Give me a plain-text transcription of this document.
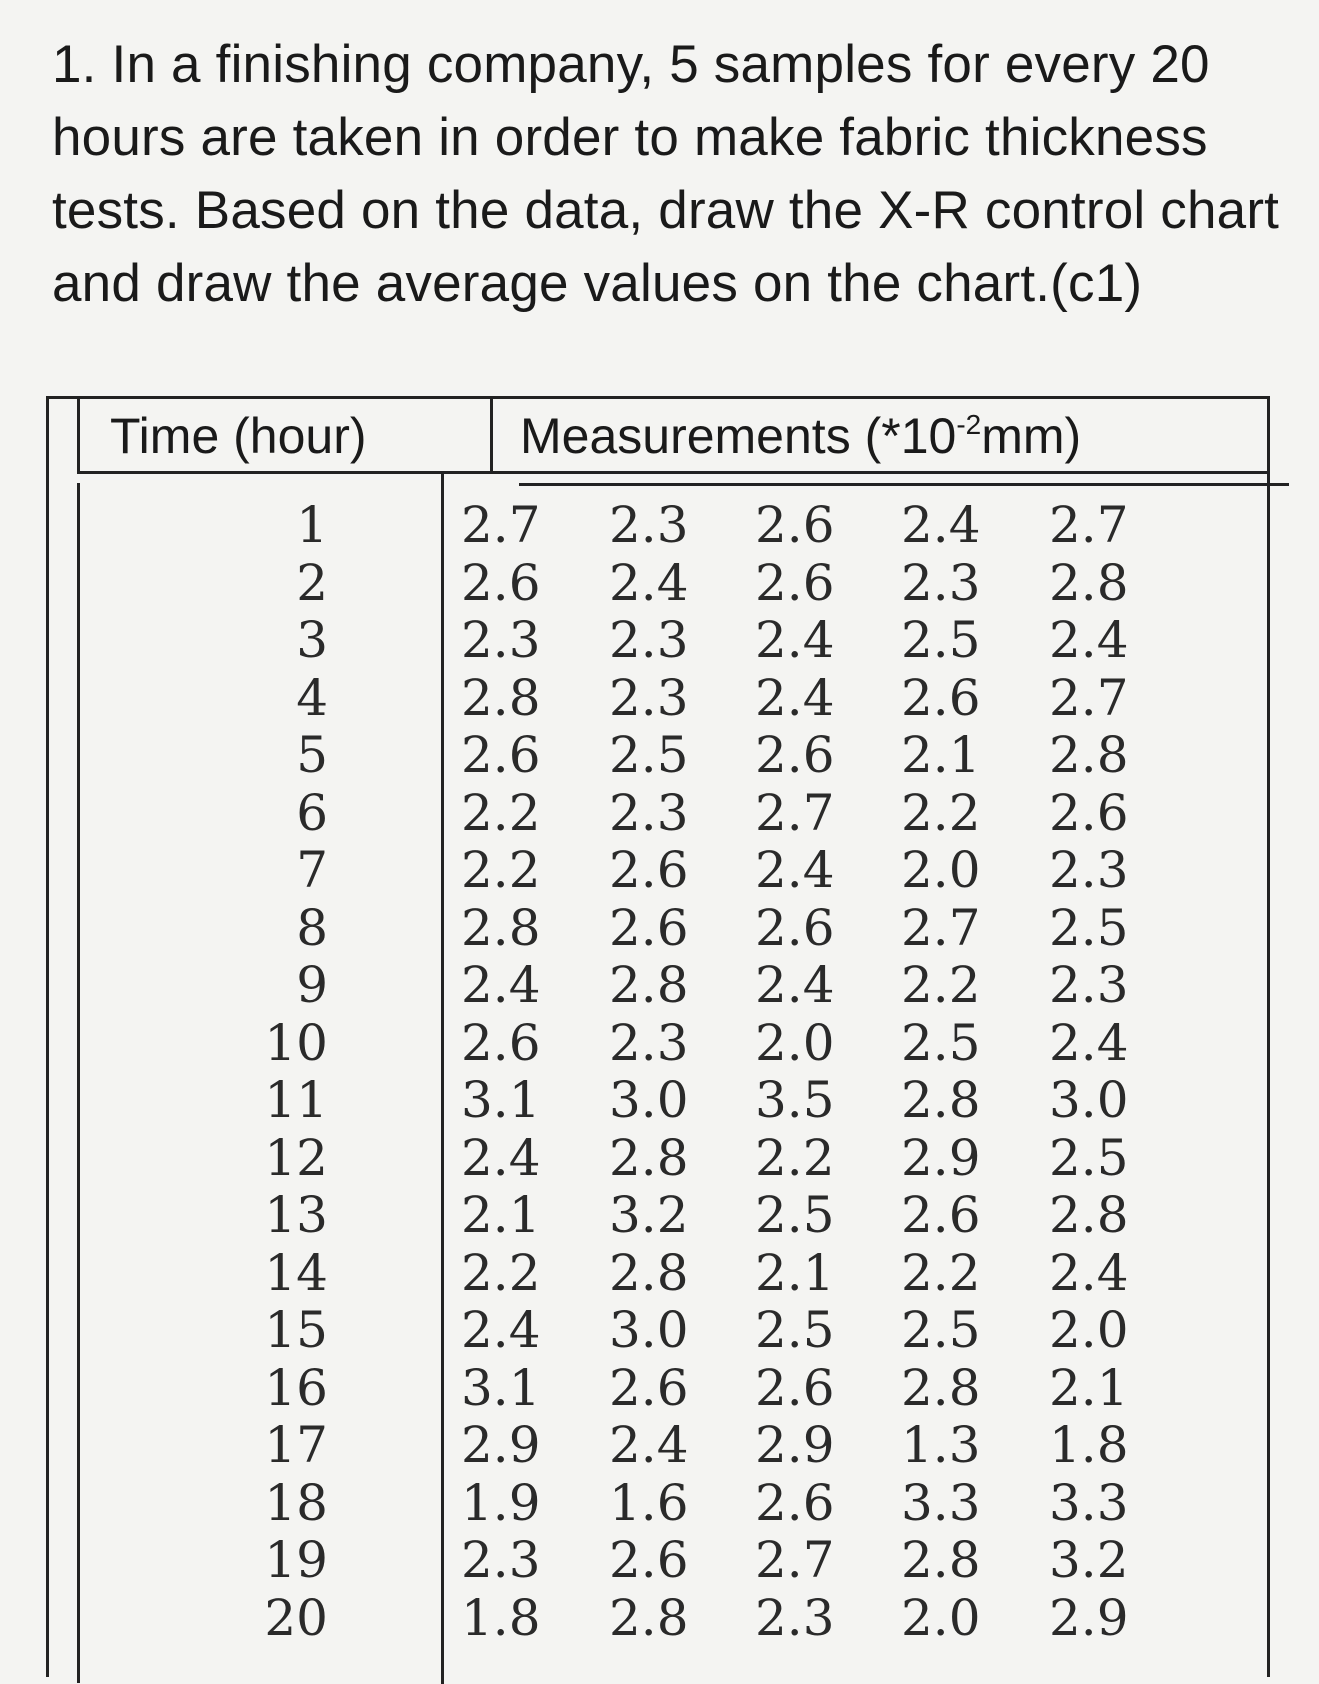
1. In a finishing company, 5 samples for every 20 hours are taken in order to make fabric thickness tests. Based on the data, draw the X-R control chart and draw the average values on the chart.(c1)
Time (hour)	Measurements $(*10^{-2}mm)$
1	2.7 2.3 2.6 2.4 2.7
2	2.6 2.4 2.6 2.3 2.8
3	2.3 2.3 2.4 2.5 2.4
4	2.8 2.3 2.4 2.6 2.7
5	2.6 2.5 2.6 2.1 2.8
6	2.2 2.3 2.7 2.2 2.6
7	2.2 2.6 2.4 2.0 2.3
8	2.8 2.6 2.6 2.7 2.5
9	2.4 2.8 2.4 2.2 2.3
10	2.6 2.3 2.0 2.5 2.4
11	3.1 3.0 3.5 2.8 3.0
12	2.4 2.8 2.2 2.9 2.5
13	2.1 3.2 2.5 2.6 2.8
14	2.2 2.8 2.1 2.2 2.4
15	2.4 3.0 2.5 2.5 2.0
16	3.1 2.6 2.6 2.8 2.1
17	2.9 2.4 2.9 1.3 1.8
18	1.9 1.6 2.6 3.3 3.3
19	2.3 2.6 2.7 2.8 3.2
20	1.8 2.8 2.3 2.0 2.9
